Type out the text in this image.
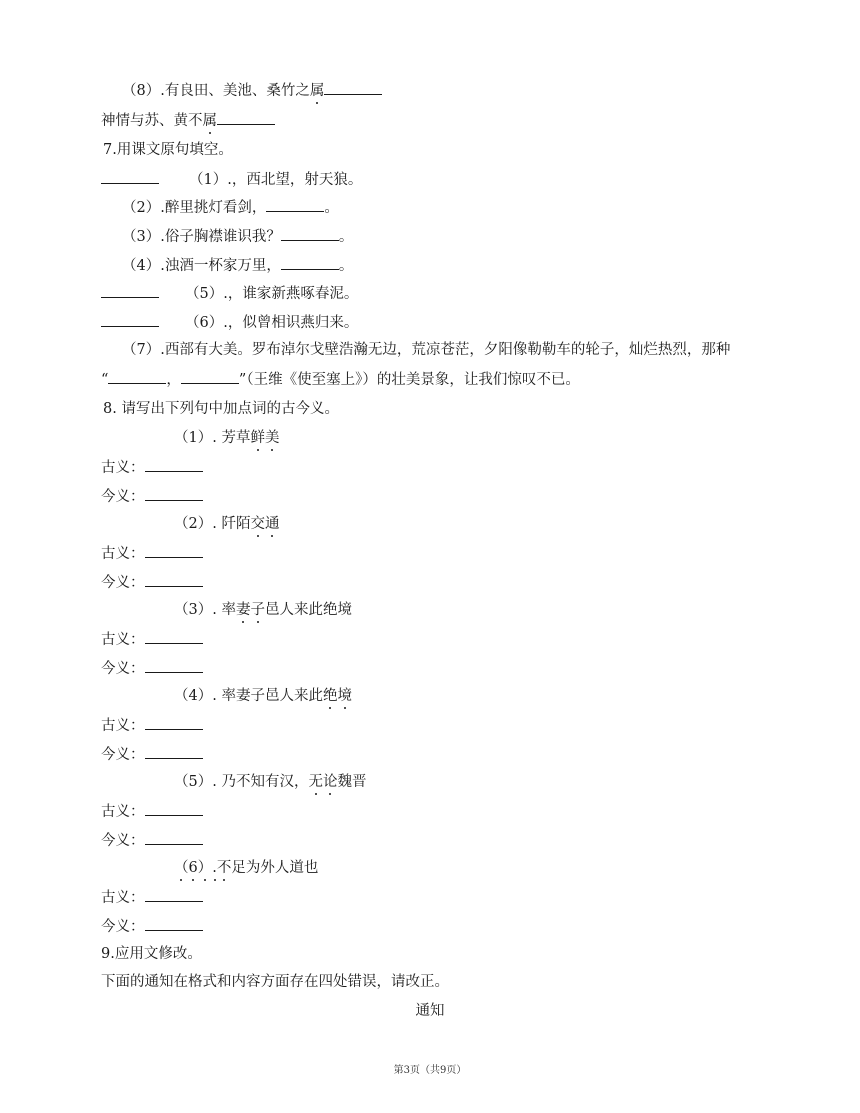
（8）.有良田、美池、桑竹之属
神情与苏、黄不属
7.用课文原句填空。
（1）.，西北望，射天狼。
（2）.醉里挑灯看剑，	。
（3）.俗子胸襟谁识我？	。
（4）.浊酒一杯家万里，	。
（5）.，谁家新燕啄春泥。
（6）.，似曾相识燕归来。
（7）.西部有大美。罗布淖尔戈壁浩瀚无边，荒凉苍茫，夕阳像勒勒车的轮子，灿烂热烈，那种
“	，	”（王维《使至塞上》）的壮美景象，让我们惊叹不已。
8. 请写出下列句中加点词的古今义。
（1）. 芳草鲜美
古义：
今义：
（2）. 阡陌交通
古义：
今义：
（3）. 率妻子邑人来此绝境
古义：
今义：
（4）. 率妻子邑人来此绝境
古义：
今义：
（5）. 乃不知有汉，无论魏晋
古义：
今义：
（6）.不足为外人道也
古义：
今义：
9.应用文修改。
下面的通知在格式和内容方面存在四处错误，请改正。
通知
第3页（共9页）
